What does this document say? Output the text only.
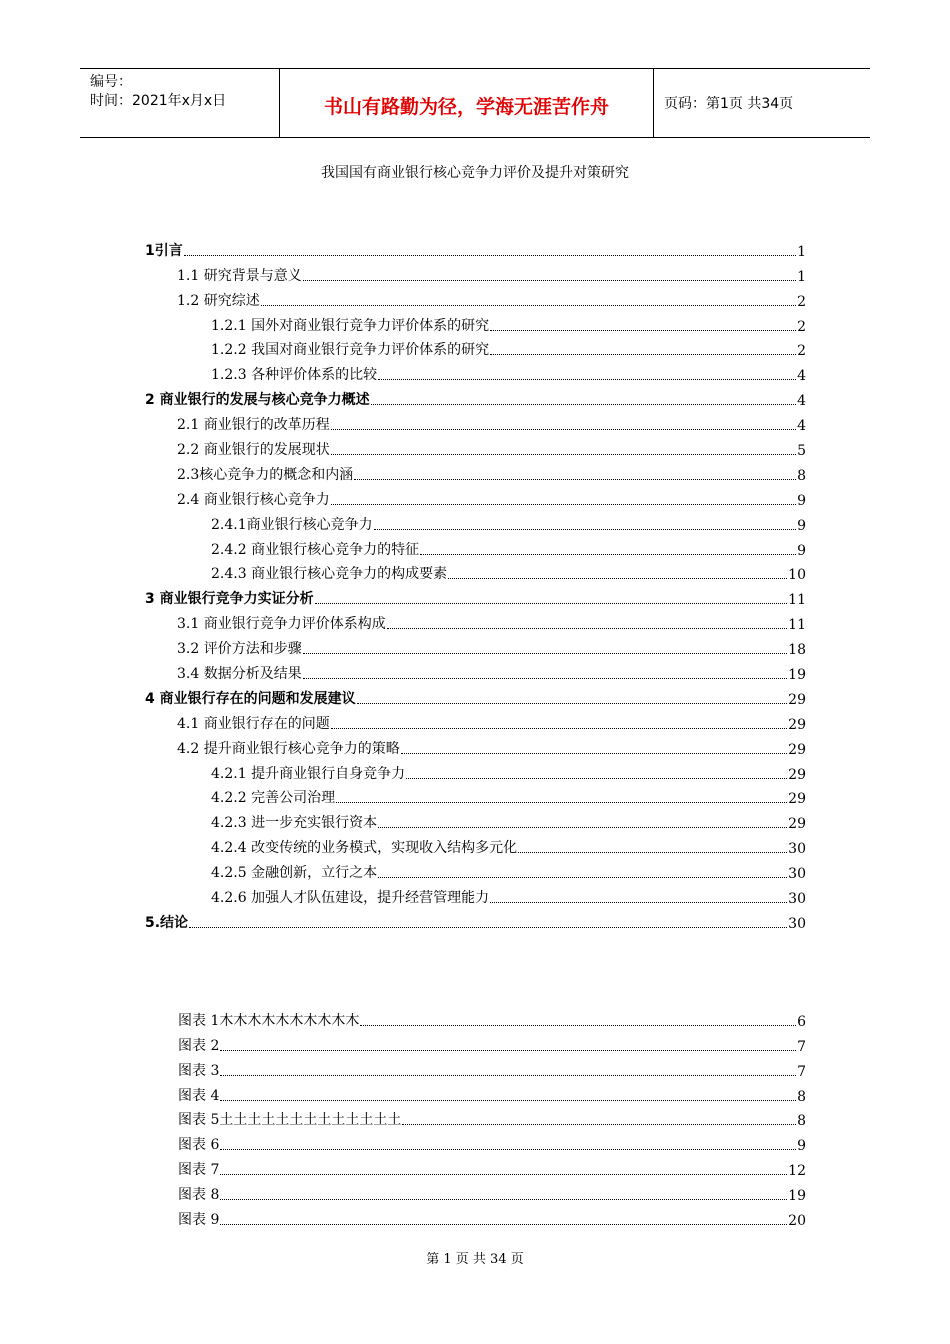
编号：
时间：2021年x月x日	书山有路勤为径，学海无涯苦作舟	页码：第1页 共34页
我国国有商业银行核心竞争力评价及提升对策研究
1引言	1
1.1 研究背景与意义	1
1.2 研究综述	2
1.2.1 国外对商业银行竞争力评价体系的研究	2
1.2.2 我国对商业银行竞争力评价体系的研究	2
1.2.3 各种评价体系的比较	4
2 商业银行的发展与核心竞争力概述	4
2.1 商业银行的改革历程	4
2.2 商业银行的发展现状	5
2.3核心竞争力的概念和内涵	8
2.4 商业银行核心竞争力	9
2.4.1商业银行核心竞争力	9
2.4.2 商业银行核心竞争力的特征	9
2.4.3 商业银行核心竞争力的构成要素	10
3 商业银行竞争力实证分析	11
3.1 商业银行竞争力评价体系构成	11
3.2 评价方法和步骤	18
3.4 数据分析及结果	19
4 商业银行存在的问题和发展建议	29
4.1 商业银行存在的问题	29
4.2 提升商业银行核心竞争力的策略	29
4.2.1 提升商业银行自身竞争力	29
4.2.2 完善公司治理	29
4.2.3 进一步充实银行资本	29
4.2.4 改变传统的业务模式，实现收入结构多元化	30
4.2.5 金融创新，立行之本	30
4.2.6 加强人才队伍建设，提升经营管理能力	30
5.结论	30
图表 1木木木木木木木木木木	6
图表 2	7
图表 3	7
图表 4	8
图表 5土土土土土土土土土土土土土	8
图表 6	9
图表 7	12
图表 8	19
图表 9	20
第 1 页 共 34 页
